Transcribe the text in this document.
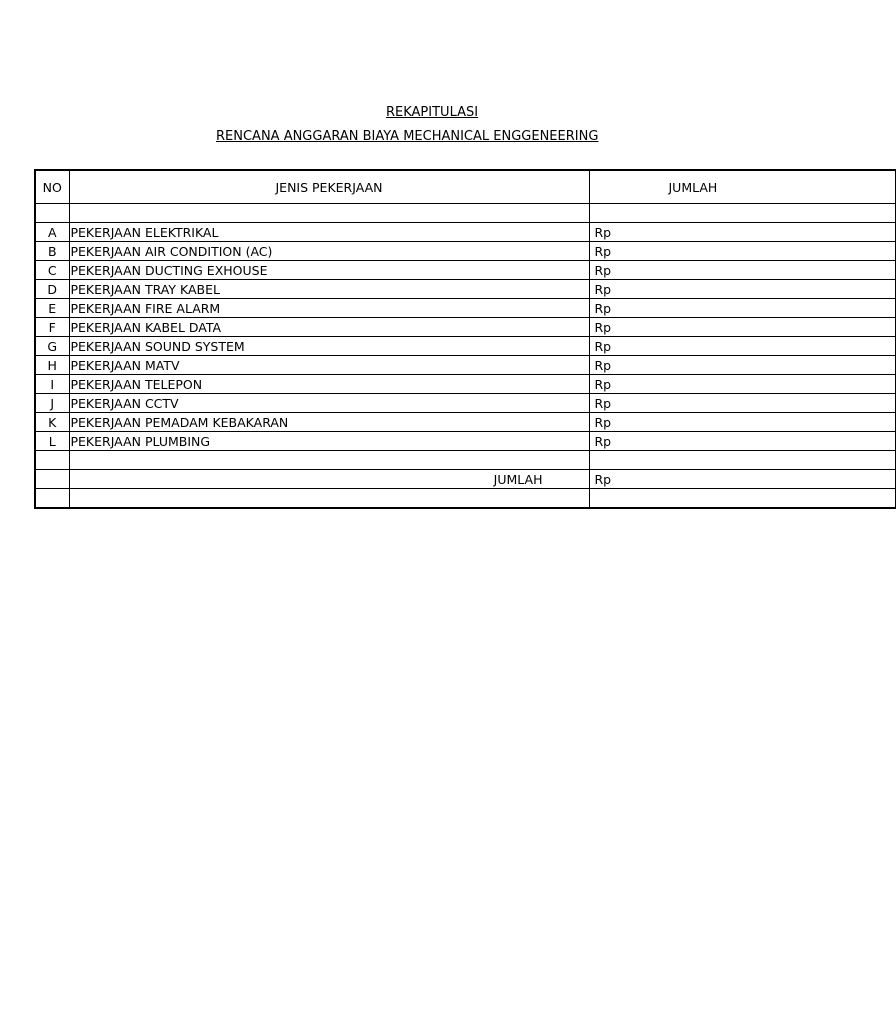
REKAPITULASI
RENCANA ANGGARAN BIAYA MECHANICAL ENGGENEERING
NO	JENIS PEKERJAAN	JUMLAH

A	PEKERJAAN ELEKTRIKAL	Rp
B	PEKERJAAN AIR CONDITION (AC)	Rp
C	PEKERJAAN DUCTING EXHOUSE	Rp
D	PEKERJAAN TRAY KABEL	Rp
E	PEKERJAAN FIRE ALARM	Rp
F	PEKERJAAN KABEL DATA	Rp
G	PEKERJAAN SOUND SYSTEM	Rp
H	PEKERJAAN MATV	Rp
I	PEKERJAAN TELEPON	Rp
J	PEKERJAAN CCTV	Rp
K	PEKERJAAN PEMADAM KEBAKARAN	Rp
L	PEKERJAAN PLUMBING	Rp

	JUMLAH	Rp
